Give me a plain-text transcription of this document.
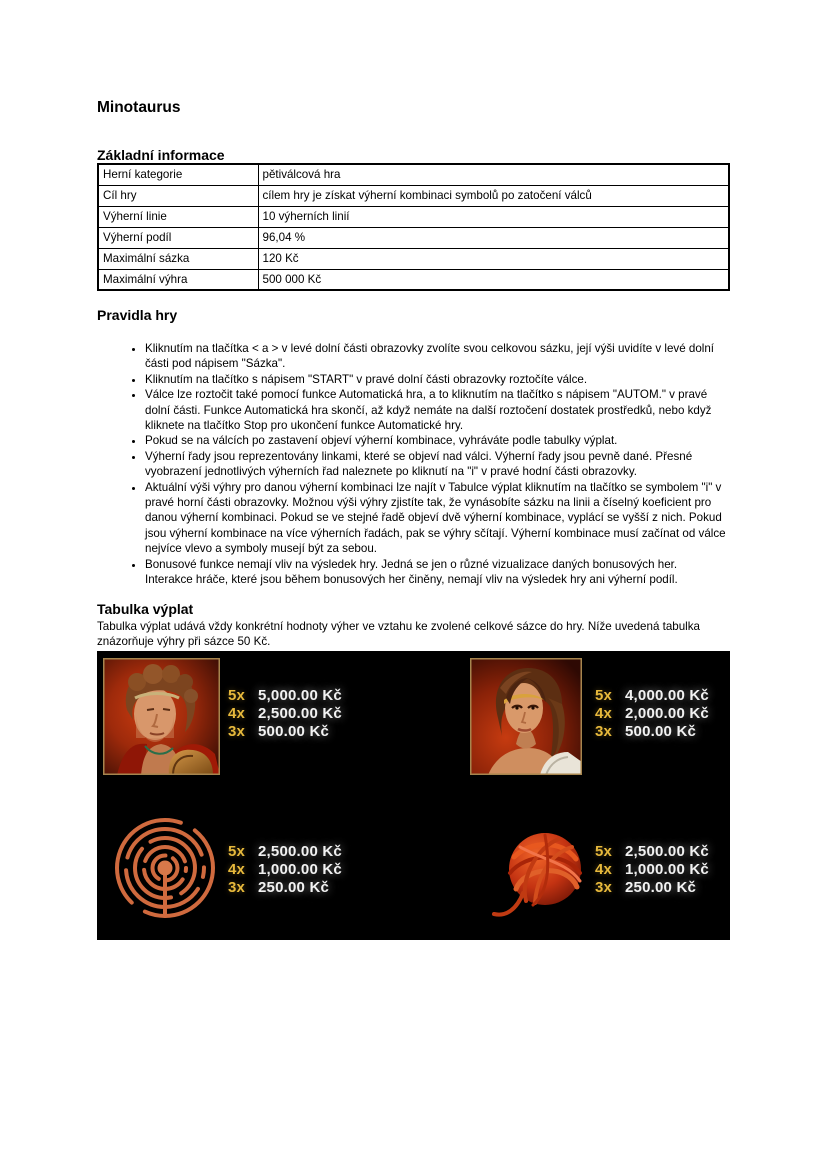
Minotaurus
Základní informace
Herní kategorie	pětiválcová hra
Cíl hry	cílem hry je získat výherní kombinaci symbolů po zatočení válců
Výherní linie	10 výherních linií
Výherní podíl	96,04 %
Maximální sázka	120 Kč
Maximální výhra	500 000 Kč
Pravidla hry
• Kliknutím na tlačítka < a > v levé dolní části obrazovky zvolíte svou celkovou sázku, její výši uvidíte v levé dolní části pod nápisem "Sázka".
• Kliknutím na tlačítko s nápisem "START" v pravé dolní části obrazovky roztočíte válce.
• Válce lze roztočit také pomocí funkce Automatická hra, a to kliknutím na tlačítko s nápisem "AUTOM." v pravé dolní části. Funkce Automatická hra skončí, až když nemáte na další roztočení dostatek prostředků, nebo když kliknete na tlačítko Stop pro ukončení funkce Automatické hry.
• Pokud se na válcích po zastavení objeví výherní kombinace, vyhráváte podle tabulky výplat.
• Výherní řady jsou reprezentovány linkami, které se objeví nad válci. Výherní řady jsou pevně dané. Přesné vyobrazení jednotlivých výherních řad naleznete po kliknutí na "i" v pravé hodní části obrazovky.
• Aktuální výši výhry pro danou výherní kombinaci lze najít v Tabulce výplat kliknutím na tlačítko se symbolem "i" v pravé horní části obrazovky. Možnou výši výhry zjistíte tak, že vynásobíte sázku na linii a číselný koeficient pro danou výherní kombinaci. Pokud se ve stejné řadě objeví dvě výherní kombinace, vyplácí se vyšší z nich. Pokud jsou výherní kombinace na více výherních řadách, pak se výhry sčítají. Výherní kombinace musí začínat od válce nejvíce vlevo a symboly musejí být za sebou.
• Bonusové funkce nemají vliv na výsledek hry. Jedná se jen o různé vizualizace daných bonusových her. Interakce hráče, které jsou během bonusových her činěny, nemají vliv na výsledek hry ani výherní podíl.
Tabulka výplat

Tabulka výplat udává vždy konkrétní hodnoty výher ve vztahu ke zvolené celkové sázce do hry. Níže uvedená tabulka znázorňuje výhry při sázce 50 Kč.

5x 5,000.00 Kč
4x 2,500.00 Kč
3x 500.00 Kč
5x 4,000.00 Kč
4x 2,000.00 Kč
3x 500.00 Kč
5x 2,500.00 Kč
4x 1,000.00 Kč
3x 250.00 Kč
5x 2,500.00 Kč
4x 1,000.00 Kč
3x 250.00 Kč
